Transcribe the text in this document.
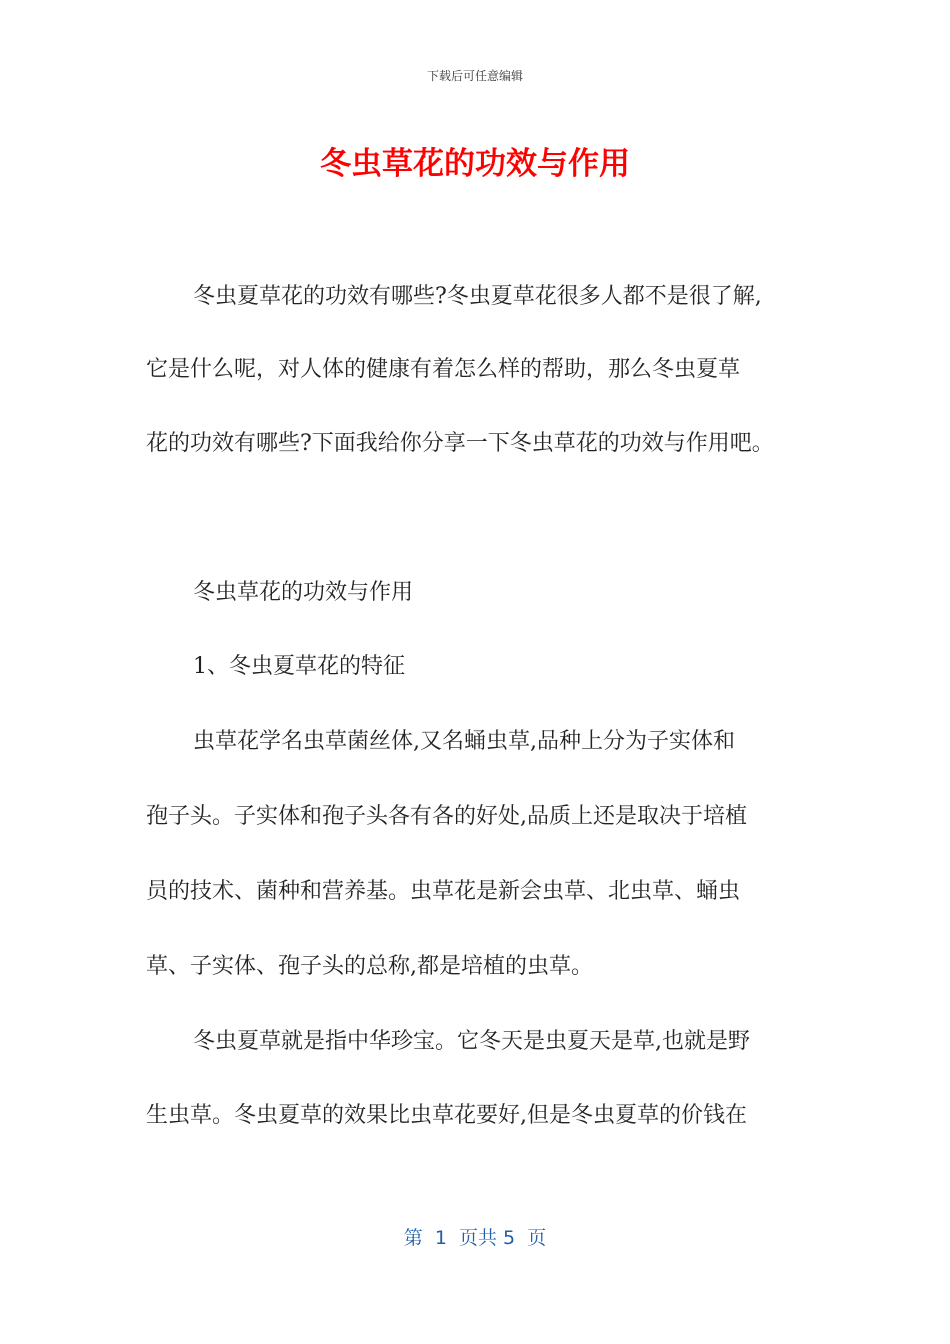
下载后可任意编辑
冬虫草花的功效与作用
冬虫夏草花的功效有哪些?冬虫夏草花很多人都不是很了解,
它是什么呢，对人体的健康有着怎么样的帮助，那么冬虫夏草
花的功效有哪些?下面我给你分享一下冬虫草花的功效与作用吧。
冬虫草花的功效与作用
1、冬虫夏草花的特征
虫草花学名虫草菌丝体,又名蛹虫草,品种上分为子实体和
孢子头。子实体和孢子头各有各的好处,品质上还是取决于培植
员的技术、菌种和营养基。虫草花是新会虫草、北虫草、蛹虫
草、子实体、孢子头的总称,都是培植的虫草。
冬虫夏草就是指中华珍宝。它冬天是虫夏天是草,也就是野
生虫草。冬虫夏草的效果比虫草花要好,但是冬虫夏草的价钱在
第  1  页共 5  页
